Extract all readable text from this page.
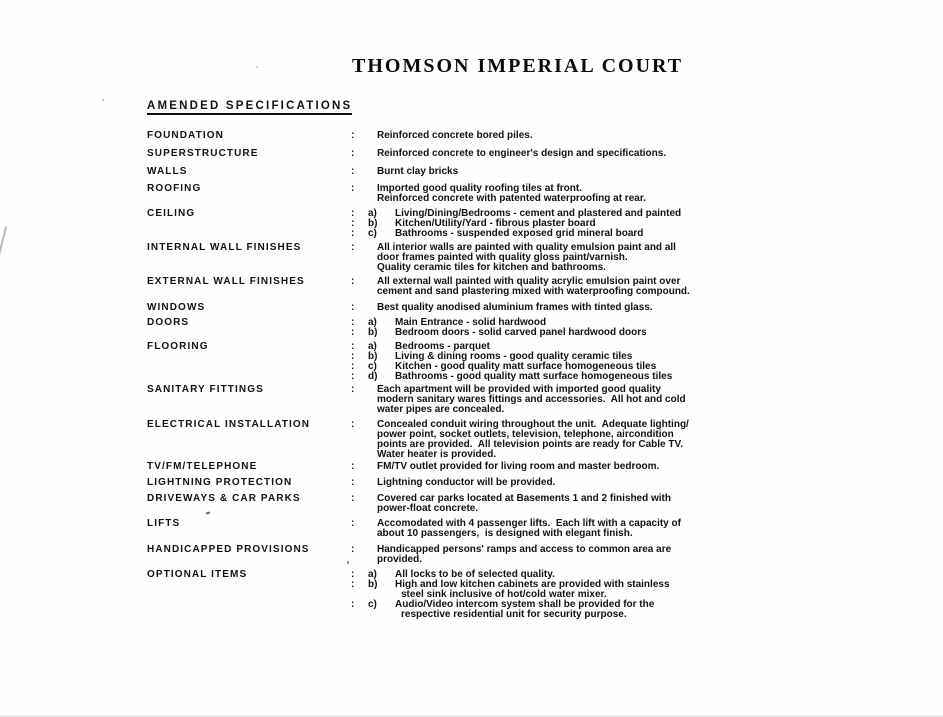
THOMSON IMPERIAL COURT
AMENDED SPECIFICATIONS
FOUNDATION	:	Reinforced concrete bored piles.
SUPERSTRUCTURE	:	Reinforced concrete to engineer's design and specifications.
WALLS	:	Burnt clay bricks
ROOFING	:	Imported good quality roofing tiles at front.
Reinforced concrete with patented waterproofing at rear.
CEILING	:	a)	Living/Dining/Bedrooms - cement and plastered and painted
:	b)	Kitchen/Utility/Yard - fibrous plaster board
:	c)	Bathrooms - suspended exposed grid mineral board
INTERNAL WALL FINISHES	:	All interior walls are painted with quality emulsion paint and all
door frames painted with quality gloss paint/varnish.
Quality ceramic tiles for kitchen and bathrooms.
EXTERNAL WALL FINISHES	:	All external wall painted with quality acrylic emulsion paint over
cement and sand plastering mixed with waterproofing compound.
WINDOWS	:	Best quality anodised aluminium frames with tinted glass.
DOORS	:	a)	Main Entrance - solid hardwood
:	b)	Bedroom doors - solid carved panel hardwood doors
FLOORING	:	a)	Bedrooms - parquet
:	b)	Living & dining rooms - good quality ceramic tiles
:	c)	Kitchen - good quality matt surface homogeneous tiles
:	d)	Bathrooms - good quality matt surface homogeneous tiles
SANITARY FITTINGS	:	Each apartment will be provided with imported good quality
modern sanitary wares fittings and accessories.  All hot and cold
water pipes are concealed.
ELECTRICAL INSTALLATION	:	Concealed conduit wiring throughout the unit.  Adequate lighting/
power point, socket outlets, television, telephone, aircondition
points are provided.  All television points are ready for Cable TV.
Water heater is provided.
TV/FM/TELEPHONE	:	FM/TV outlet provided for living room and master bedroom.
LIGHTNING PROTECTION	:	Lightning conductor will be provided.
DRIVEWAYS & CAR PARKS	:	Covered car parks located at Basements 1 and 2 finished with
power-float concrete.
LIFTS	:	Accomodated with 4 passenger lifts.  Each lift with a capacity of
about 10 passengers,  is designed with elegant finish.
HANDICAPPED PROVISIONS	:	Handicapped persons' ramps and access to common area are
provided.
OPTIONAL ITEMS	:	a)	All locks to be of selected quality.
:	b)	High and low kitchen cabinets are provided with stainless
steel sink inclusive of hot/cold water mixer.
:	c)	Audio/Video intercom system shall be provided for the
respective residential unit for security purpose.
